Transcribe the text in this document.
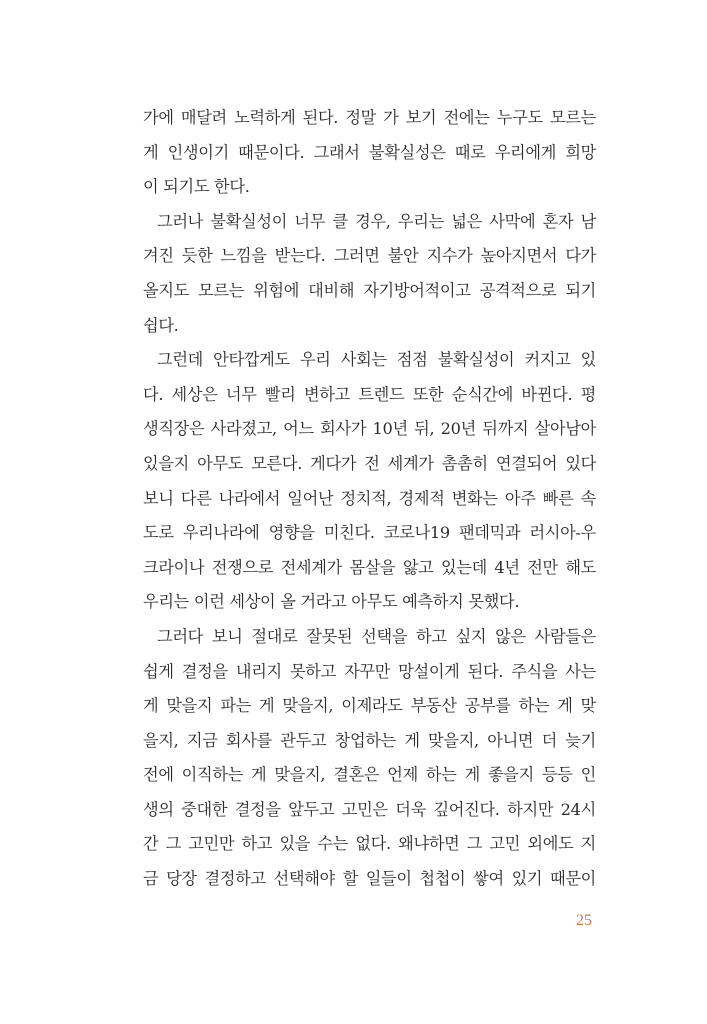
가에 매달려 노력하게 된다. 정말 가 보기 전에는 누구도 모르는
게 인생이기 때문이다. 그래서 불확실성은 때로 우리에게 희망
이 되기도 한다.
그러나 불확실성이 너무 클 경우, 우리는 넓은 사막에 혼자 남
겨진 듯한 느낌을 받는다. 그러면 불안 지수가 높아지면서 다가
올지도 모르는 위험에 대비해 자기방어적이고 공격적으로 되기
쉽다.
그런데 안타깝게도 우리 사회는 점점 불확실성이 커지고 있
다. 세상은 너무 빨리 변하고 트렌드 또한 순식간에 바뀐다. 평
생직장은 사라졌고, 어느 회사가 10년 뒤, 20년 뒤까지 살아남아
있을지 아무도 모른다. 게다가 전 세계가 촘촘히 연결되어 있다
보니 다른 나라에서 일어난 정치적, 경제적 변화는 아주 빠른 속
도로 우리나라에 영향을 미친다. 코로나19 팬데믹과 러시아-우
크라이나 전쟁으로 전세계가 몸살을 앓고 있는데 4년 전만 해도
우리는 이런 세상이 올 거라고 아무도 예측하지 못했다.
그러다 보니 절대로 잘못된 선택을 하고 싶지 않은 사람들은
쉽게 결정을 내리지 못하고 자꾸만 망설이게 된다. 주식을 사는
게 맞을지 파는 게 맞을지, 이제라도 부동산 공부를 하는 게 맞
을지, 지금 회사를 관두고 창업하는 게 맞을지, 아니면 더 늦기
전에 이직하는 게 맞을지, 결혼은 언제 하는 게 좋을지 등등 인
생의 중대한 결정을 앞두고 고민은 더욱 깊어진다. 하지만 24시
간 그 고민만 하고 있을 수는 없다. 왜냐하면 그 고민 외에도 지
금 당장 결정하고 선택해야 할 일들이 첩첩이 쌓여 있기 때문이
25
